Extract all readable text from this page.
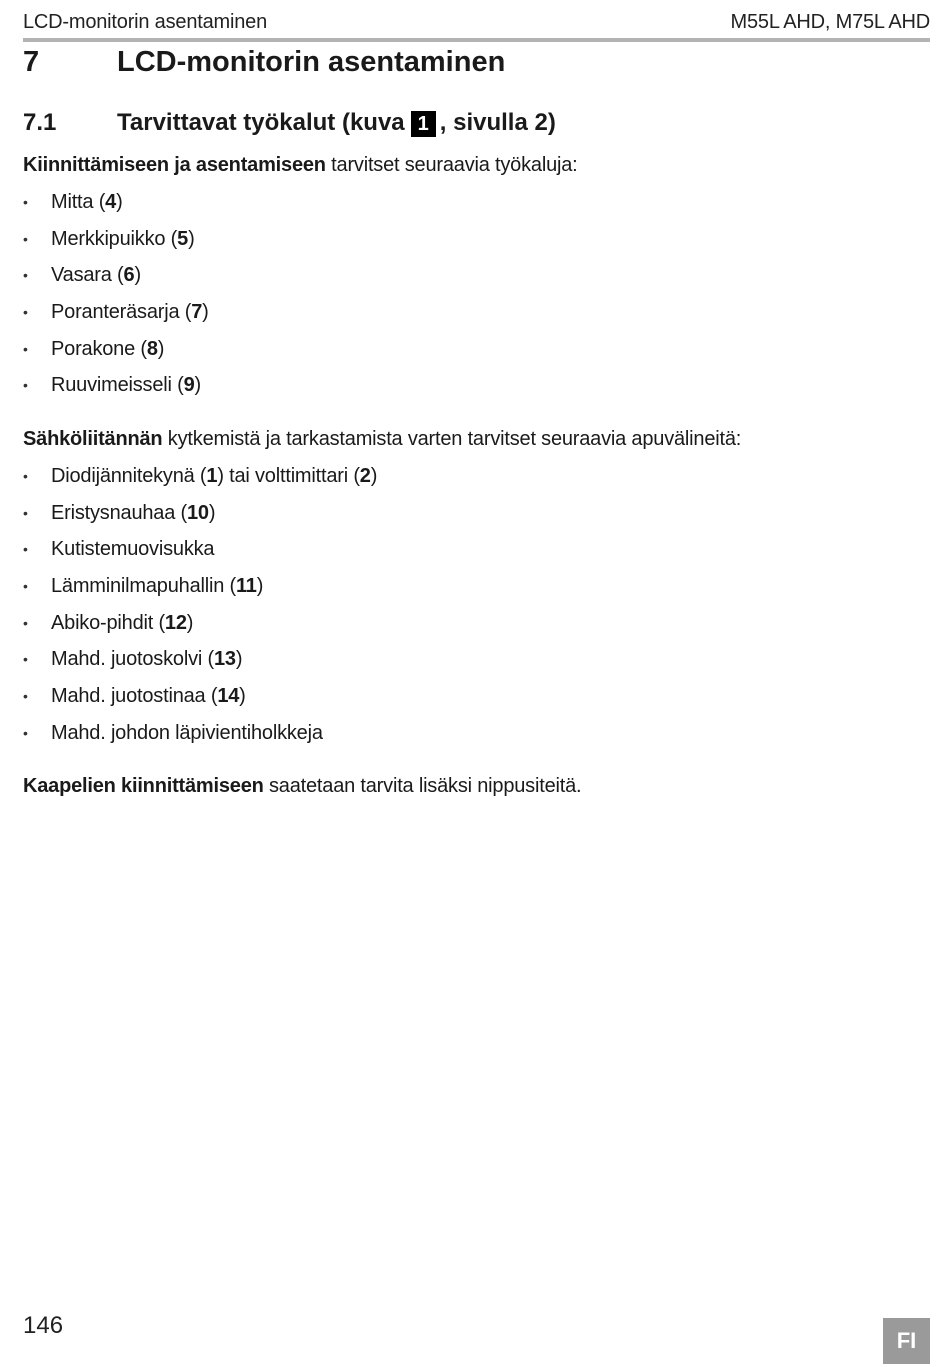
LCD-monitorin asentaminen	M55L AHD, M75L AHD
7	LCD-monitorin asentaminen
7.1	Tarvittavat työkalut (kuva 1 , sivulla 2)
Kiinnittämiseen ja asentamiseen tarvitset seuraavia työkaluja:
• Mitta (4)
• Merkkipuikko (5)
• Vasara (6)
• Poranteräsarja (7)
• Porakone (8)
• Ruuvimeisseli (9)
Sähköliitännän kytkemistä ja tarkastamista varten tarvitset seuraavia apuvälineitä:
• Diodijännitekynä (1) tai volttimittari (2)
• Eristysnauhaa (10)
• Kutistemuovisukka
• Lämminilmapuhallin (11)
• Abiko-pihdit (12)
• Mahd. juotoskolvi (13)
• Mahd. juotostinaa (14)
• Mahd. johdon läpivientiholkkeja
Kaapelien kiinnittämiseen saatetaan tarvita lisäksi nippusiteitä.
146
FI
